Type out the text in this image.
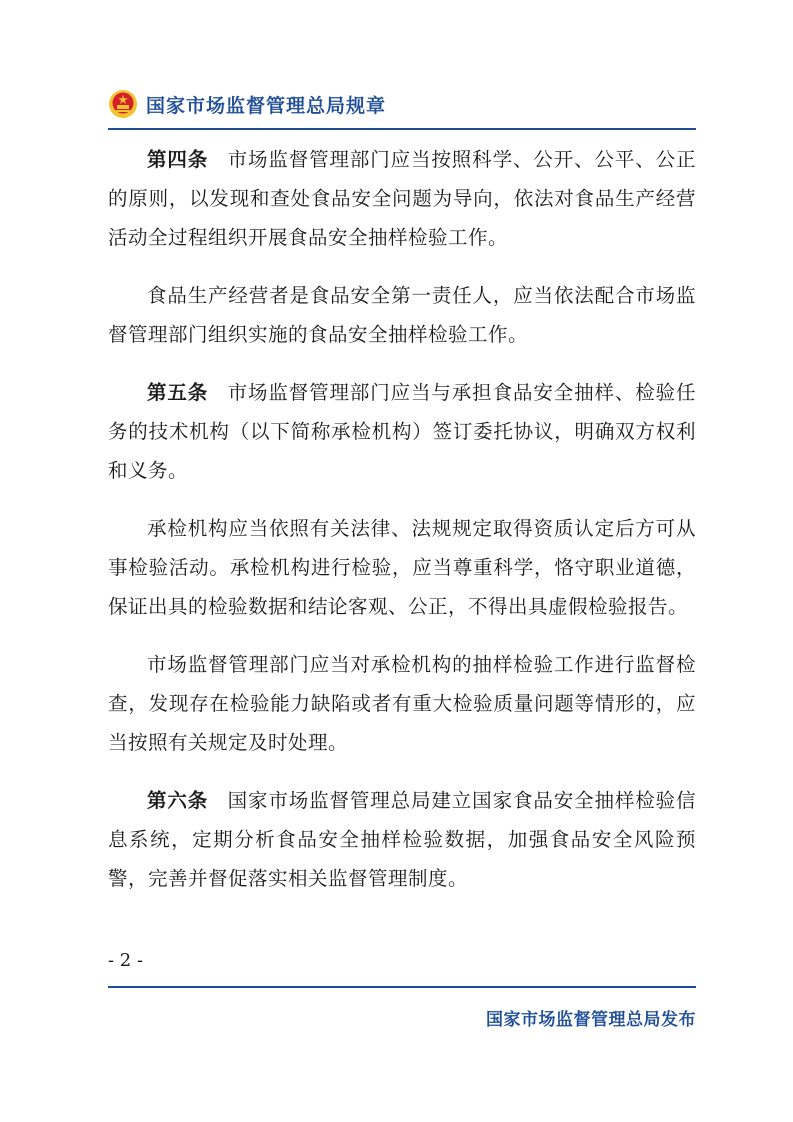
国家市场监督管理总局规章

第四条 市场监督管理部门应当按照科学、公开、公平、公正的原则，以发现和查处食品安全问题为导向，依法对食品生产经营活动全过程组织开展食品安全抽样检验工作。

食品生产经营者是食品安全第一责任人，应当依法配合市场监督管理部门组织实施的食品安全抽样检验工作。

第五条 市场监督管理部门应当与承担食品安全抽样、检验任务的技术机构（以下简称承检机构）签订委托协议，明确双方权利和义务。

承检机构应当依照有关法律、法规规定取得资质认定后方可从事检验活动。承检机构进行检验，应当尊重科学，恪守职业道德，保证出具的检验数据和结论客观、公正，不得出具虚假检验报告。

市场监督管理部门应当对承检机构的抽样检验工作进行监督检查，发现存在检验能力缺陷或者有重大检验质量问题等情形的，应当按照有关规定及时处理。

第六条 国家市场监督管理总局建立国家食品安全抽样检验信息系统，定期分析食品安全抽样检验数据，加强食品安全风险预警，完善并督促落实相关监督管理制度。

- 2 -
国家市场监督管理总局发布
